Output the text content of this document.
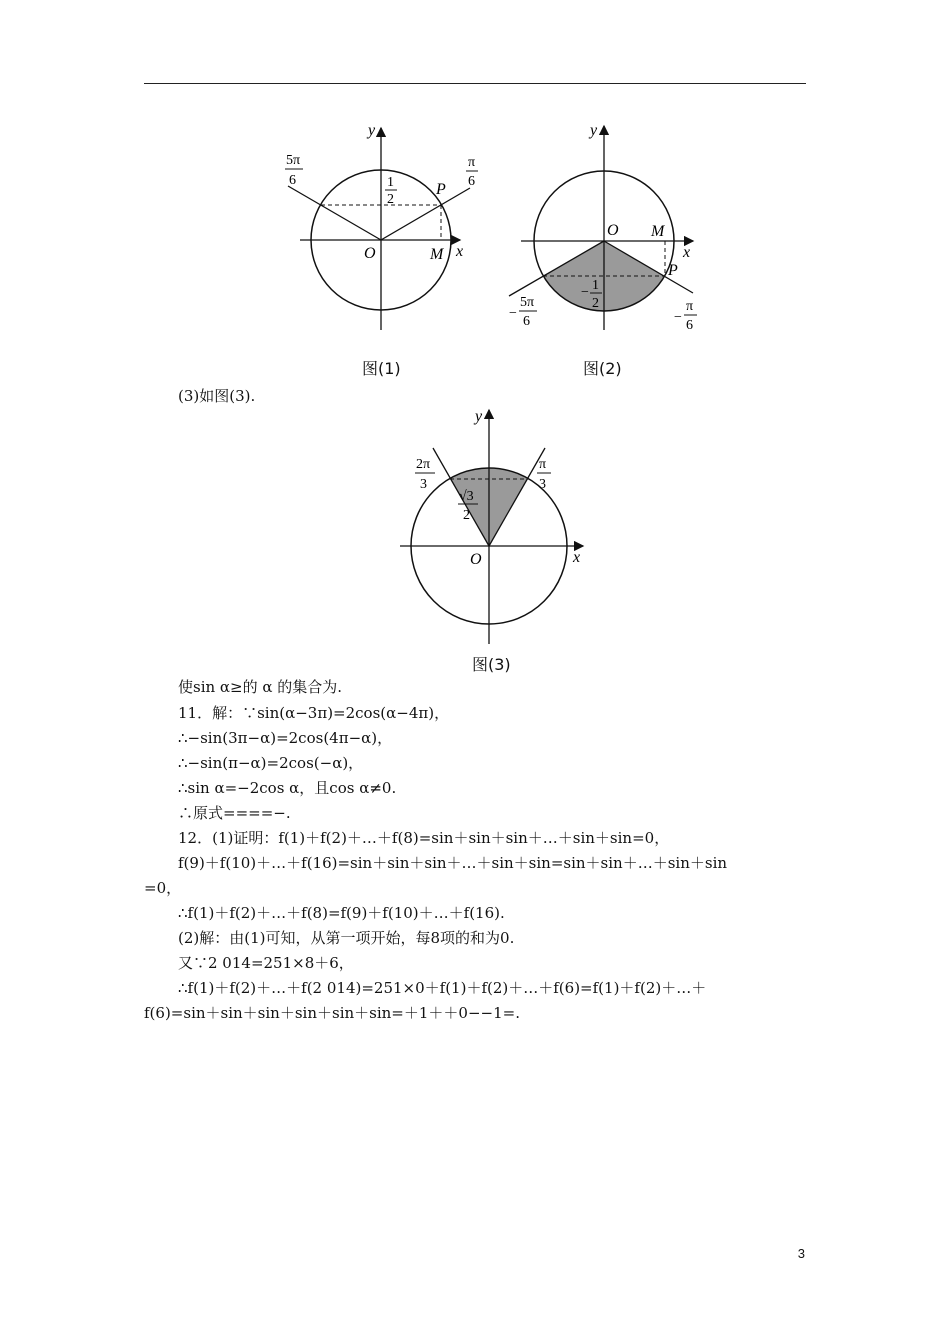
y
x
O
P
M
5π
6
π
6
1
2
图(1)
y
x
O
P
M
−
5π
6	−
π
6
− 1
2
图(2)
(3)如图(3).
y
x
O
2π
3
π
3
√3
2
图(3)
使sin α≥的 α 的集合为.
11．解：∵sin(α−3π)=2cos(α−4π)，
∴−sin(3π−α)=2cos(4π−α)，
∴−sin(π−α)=2cos(−α)，
∴sin α=−2cos α，且cos α≠0.
∴原式====−.
12．(1)证明：f(1)＋f(2)＋…＋f(8)=sin＋sin＋sin＋…＋sin＋sin=0，
f(9)＋f(10)＋…＋f(16)=sin＋sin＋sin＋…＋sin＋sin=sin＋sin＋…＋sin＋sin
=0，
∴f(1)＋f(2)＋…＋f(8)=f(9)＋f(10)＋…＋f(16).
(2)解：由(1)可知，从第一项开始，每8项的和为0.
又∵2 014=251×8＋6，
∴f(1)＋f(2)＋…＋f(2 014)=251×0＋f(1)＋f(2)＋…＋f(6)=f(1)＋f(2)＋…＋
f(6)=sin＋sin＋sin＋sin＋sin＋sin=＋1＋＋0−−1=.
3
